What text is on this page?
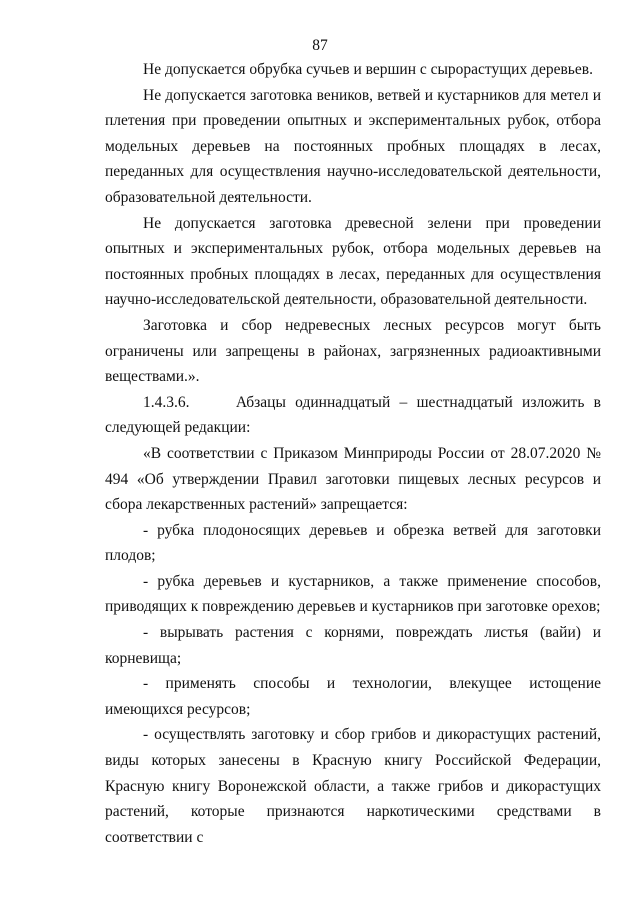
87

Не допускается обрубка сучьев и вершин с сырорастущих деревьев.

Не допускается заготовка веников, ветвей и кустарников для метел и плетения при проведении опытных и экспериментальных рубок, отбора модельных деревьев на постоянных пробных площадях в лесах, переданных для осуществления научно-исследовательской деятельности, образовательной деятельности.

Не допускается заготовка древесной зелени при проведении опытных и экспериментальных рубок, отбора модельных деревьев на постоянных пробных площадях в лесах, переданных для осуществления научно-исследовательской деятельности, образовательной деятельности.

Заготовка и сбор недревесных лесных ресурсов могут быть ограничены или запрещены в районах, загрязненных радиоактивными веществами.».

1.4.3.6.     Абзацы одиннадцатый – шестнадцатый изложить в следующей редакции:

«В соответствии с Приказом Минприроды России от 28.07.2020 № 494 «Об утверждении Правил заготовки пищевых лесных ресурсов и сбора лекарственных растений» запрещается:

- рубка плодоносящих деревьев и обрезка ветвей для заготовки плодов;

- рубка деревьев и кустарников, а также применение способов, приводящих к повреждению деревьев и кустарников при заготовке орехов;

- вырывать растения с корнями, повреждать листья (вайи) и корневища;

- применять способы и технологии, влекущее истощение имеющихся ресурсов;

- осуществлять заготовку и сбор грибов и дикорастущих растений, виды которых занесены в Красную книгу Российской Федерации, Красную книгу Воронежской области, а также грибов и дикорастущих растений, которые признаются наркотическими средствами в соответствии с
